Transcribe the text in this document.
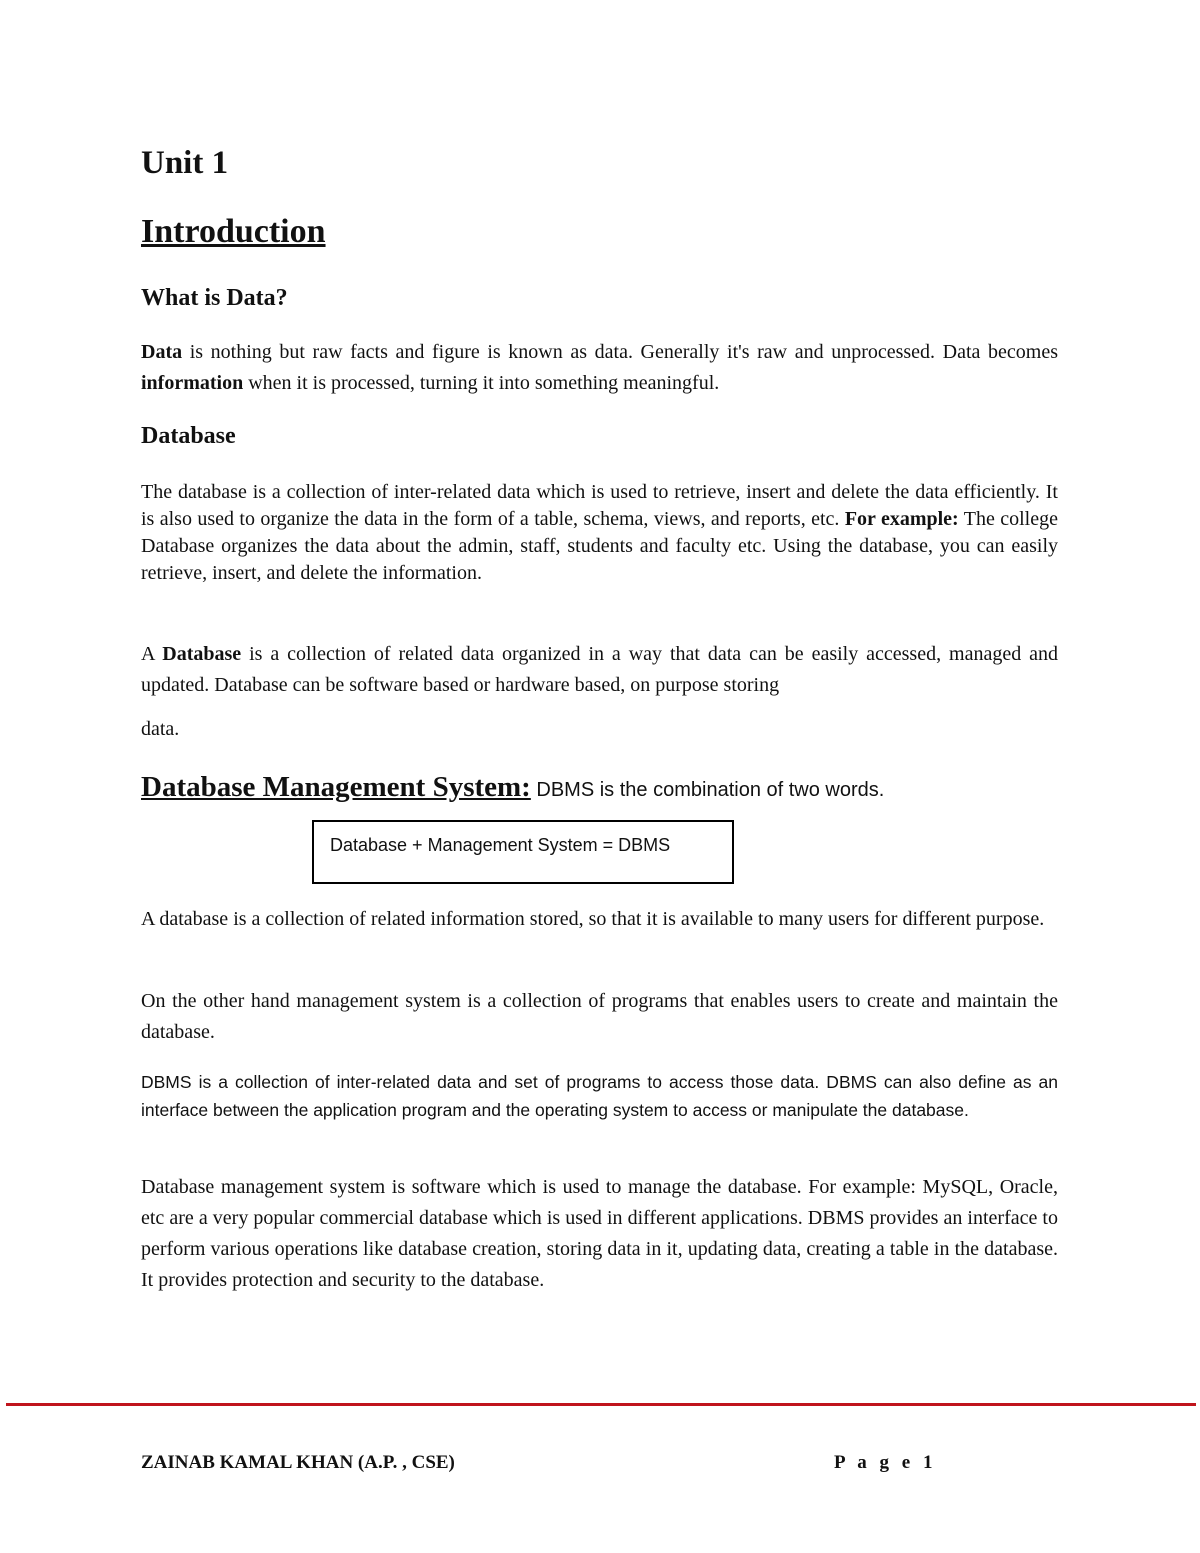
Unit 1
Introduction
What is Data?

Data is nothing but raw facts and figure is known as data. Generally it's raw and unprocessed. Data becomes information when it is processed, turning it into something meaningful.

Database

The database is a collection of inter-related data which is used to retrieve, insert and delete the data efficiently. It is also used to organize the data in the form of a table, schema, views, and reports, etc. For example: The college Database organizes the data about the admin, staff, students and faculty etc. Using the database, you can easily retrieve, insert, and delete the information.

A Database is a collection of related data organized in a way that data can be easily accessed, managed and updated. Database can be software based or hardware based, on purpose storing

data.

Database Management System: DBMS is the combination of two words.
Database + Management System = DBMS

A database is a collection of related information stored, so that it is available to many users for different purpose.

On the other hand management system is a collection of programs that enables users to create and maintain the database.

DBMS is a collection of inter-related data and set of programs to access those data. DBMS can also define as an interface between the application program and the operating system to access or manipulate the database.

Database management system is software which is used to manage the database. For example: MySQL, Oracle, etc are a very popular commercial database which is used in different applications. DBMS provides an interface to perform various operations like database creation, storing data in it, updating data, creating a table in the database. It provides protection and security to the database.

ZAINAB KAMAL KHAN (A.P. , CSE)	P a g e 1
